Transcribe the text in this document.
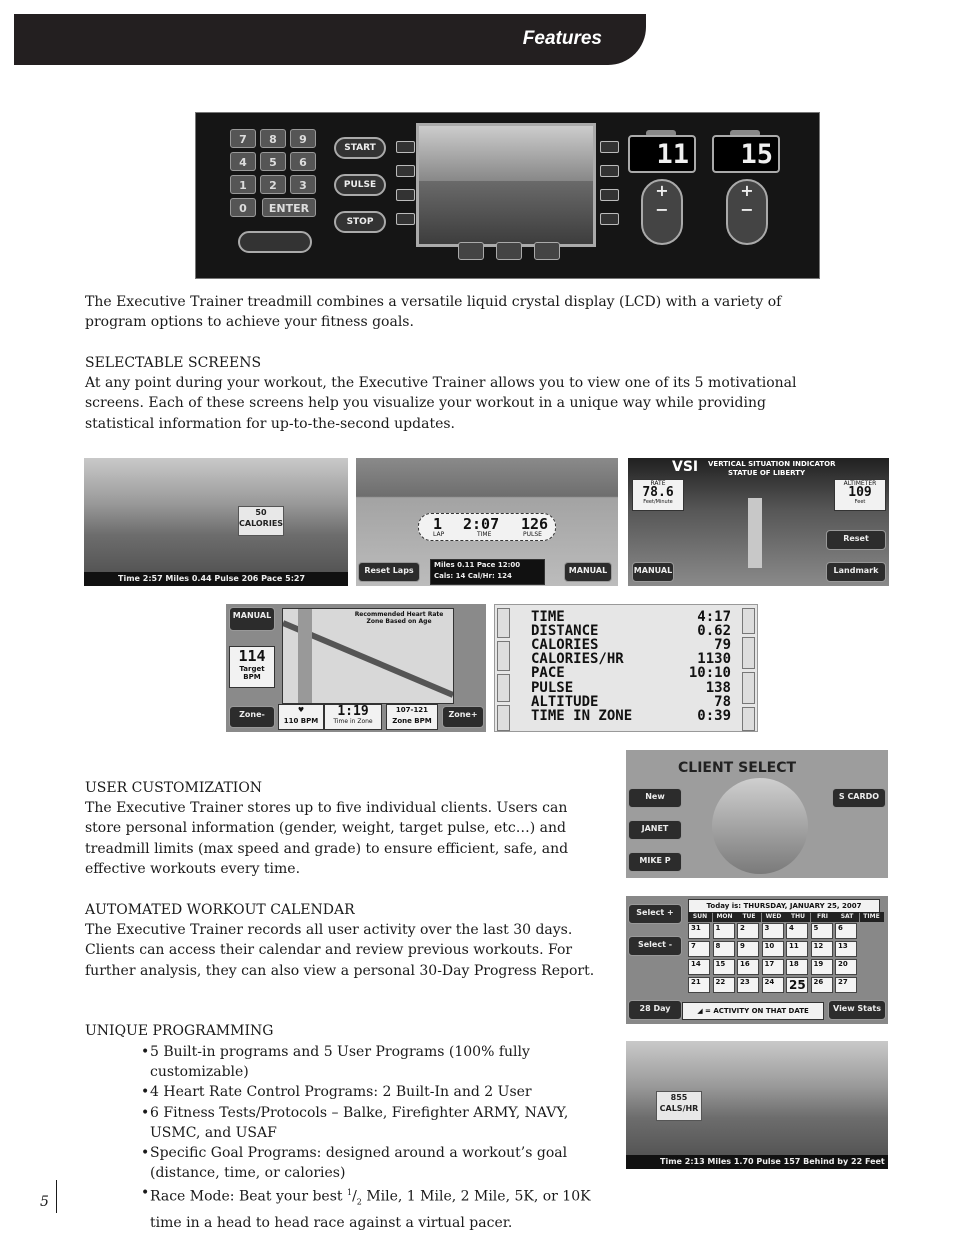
Features
7	8	9
4	5	6
1	2	3
0	ENTER
START
PULSE
STOP
11	15
+
−
+
−
The Executive Trainer treadmill combines a versatile liquid crystal display (LCD) with a variety of program options to achieve your fitness goals.
SELECTABLE SCREENS
At any point during your workout, the Executive Trainer allows you to view one of its 5 motivational screens. Each of these screens help you visualize your workout in a unique way while providing statistical information for up-to-the-second updates.
50
CALORIES
Time 2:57 Miles 0.44 Pulse 206 Pace 5:27
1 2:07 126
LAP	TIME	PULSE
Reset Laps
Miles 0.11 Pace 12:00
Cals: 14 Cal/Hr: 124
MANUAL
VSI VERTICAL SITUATION INDICATOR
STATUE OF LIBERTY
RATE
78.6
Feet/Minute
ALTIMETER
109
Feet
Reset
Landmark
MANUAL
MANUAL
114
Target BPM
Recommended Heart Rate Zone Based on Age
Zone-	♥
110 BPM
1:19
Time in Zone
107-121
Zone BPM
Zone+
TIME	4:17
DISTANCE	0.62
CALORIES	79
CALORIES/HR	1130
PACE	10:10
PULSE	138
ALTITUDE	78
TIME IN ZONE	0:39
USER CUSTOMIZATION
The Executive Trainer stores up to five individual clients. Users can store personal information (gender, weight, target pulse, etc…) and treadmill limits (max speed and grade) to ensure efficient, safe, and effective workouts every time.
CLIENT SELECT
New
JANET
MIKE P
S CARDO
AUTOMATED WORKOUT CALENDAR
The Executive Trainer records all user activity over the last 30 days. Clients can access their calendar and review previous workouts. For further analysis, they can also view a personal 30-Day Progress Report.
Select +
Select -
Today is: THURSDAY, JANUARY 25, 2007
SUN	MON	TUE	WED	THU	FRI	SAT	TIME
31	1	2	3	4	5	6
7	8	9	10	11	12	13
14	15	16	17	18	19	20
21	22	23	24	25	26	27
28 Day	◢ = ACTIVITY ON THAT DATE	View Stats
UNIQUE PROGRAMMING
• 5 Built-in programs and 5 User Programs (100% fully customizable)
• 4 Heart Rate Control Programs: 2 Built-In and 2 User
• 6 Fitness Tests/Protocols – Balke, Firefighter ARMY, NAVY, USMC, and USAF
• Specific Goal Programs: designed around a workout’s goal (distance, time, or calories)
• Race Mode: Beat your best $^1/_2$ Mile, 1 Mile, 2 Mile, 5K, or 10K time in a head to head race against a virtual pacer.
855
CALS/HR
Time 2:13 Miles 1.70 Pulse 157 Behind by 22 Feet
5
